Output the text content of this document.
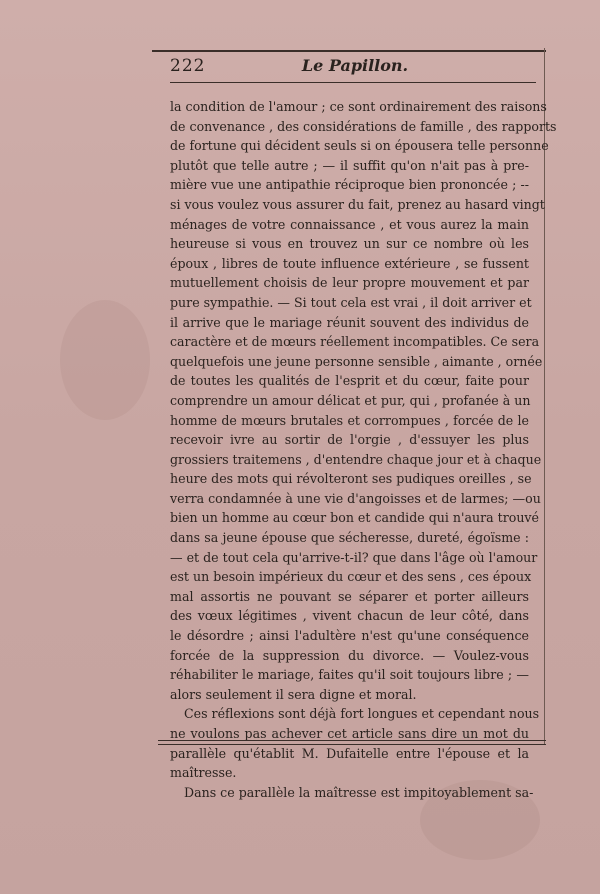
222	Le Papillon.
la condition de l'amour ; ce sont ordinairement des raisons
de convenance , des considérations de famille , des rapports
de fortune qui décident seuls si on épousera telle personne
plutôt que telle autre ; — il suffit qu'on n'ait pas à pre-
mière vue une antipathie réciproque bien prononcée ; --
si vous voulez vous assurer du fait, prenez au hasard vingt
ménages de votre connaissance , et vous aurez la main
heureuse si vous en trouvez un sur ce nombre où les
époux , libres de toute influence extérieure , se fussent
mutuellement choisis de leur propre mouvement et par
pure sympathie. — Si tout cela est vrai , il doit arriver et
il arrive que le mariage réunit souvent des individus de
caractère et de mœurs réellement incompatibles. Ce sera
quelquefois une jeune personne sensible , aimante , ornée
de toutes les qualités de l'esprit et du cœur, faite pour
comprendre un amour délicat et pur, qui , profanée à un
homme de mœurs brutales et corrompues , forcée de le
recevoir ivre au sortir de l'orgie , d'essuyer les plus
grossiers traitemens , d'entendre chaque jour et à chaque
heure des mots qui révolteront ses pudiques oreilles , se
verra condamnée à une vie d'angoisses et de larmes; —ou
bien un homme au cœur bon et candide qui n'aura trouvé
dans sa jeune épouse que sécheresse, dureté, égoïsme :
— et de tout cela qu'arrive-t-il? que dans l'âge où l'amour
est un besoin impérieux du cœur et des sens , ces époux
mal assortis ne pouvant se séparer et porter ailleurs
des vœux légitimes , vivent chacun de leur côté, dans
le désordre ; ainsi l'adultère n'est qu'une conséquence
forcée de la suppression du divorce. — Voulez-vous
réhabiliter le mariage, faites qu'il soit toujours libre ; —
alors seulement il sera digne et moral.
Ces réflexions sont déjà fort longues et cependant nous
ne voulons pas achever cet article sans dire un mot du
parallèle qu'établit M. Dufaitelle entre l'épouse et la
maîtresse.
Dans ce parallèle la maîtresse est impitoyablement sa-
